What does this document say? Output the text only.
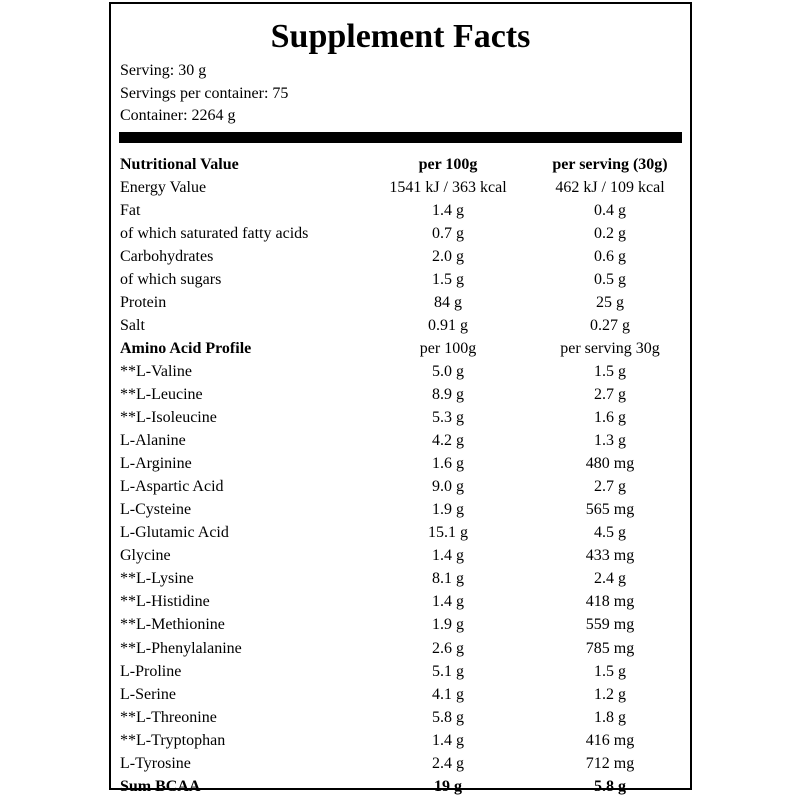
Supplement Facts
Serving: 30 g
Servings per container: 75
Container: 2264 g
Nutritional Value	per 100g	per serving (30g)
Energy Value	1541 kJ / 363 kcal	462 kJ / 109 kcal
Fat	1.4 g	0.4 g
of which saturated fatty acids	0.7 g	0.2 g
Carbohydrates	2.0 g	0.6 g
of which sugars	1.5 g	0.5 g
Protein	84 g	25 g
Salt	0.91 g	0.27 g
Amino Acid Profile	per 100g	per serving 30g
**L-Valine	5.0 g	1.5 g
**L-Leucine	8.9 g	2.7 g
**L-Isoleucine	5.3 g	1.6 g
L-Alanine	4.2 g	1.3 g
L-Arginine	1.6 g	480 mg
L-Aspartic Acid	9.0 g	2.7 g
L-Cysteine	1.9 g	565 mg
L-Glutamic Acid	15.1 g	4.5 g
Glycine	1.4 g	433 mg
**L-Lysine	8.1 g	2.4 g
**L-Histidine	1.4 g	418 mg
**L-Methionine	1.9 g	559 mg
**L-Phenylalanine	2.6 g	785 mg
L-Proline	5.1 g	1.5 g
L-Serine	4.1 g	1.2 g
**L-Threonine	5.8 g	1.8 g
**L-Tryptophan	1.4 g	416 mg
L-Tyrosine	2.4 g	712 mg
Sum BCAA	19 g	5.8 g
